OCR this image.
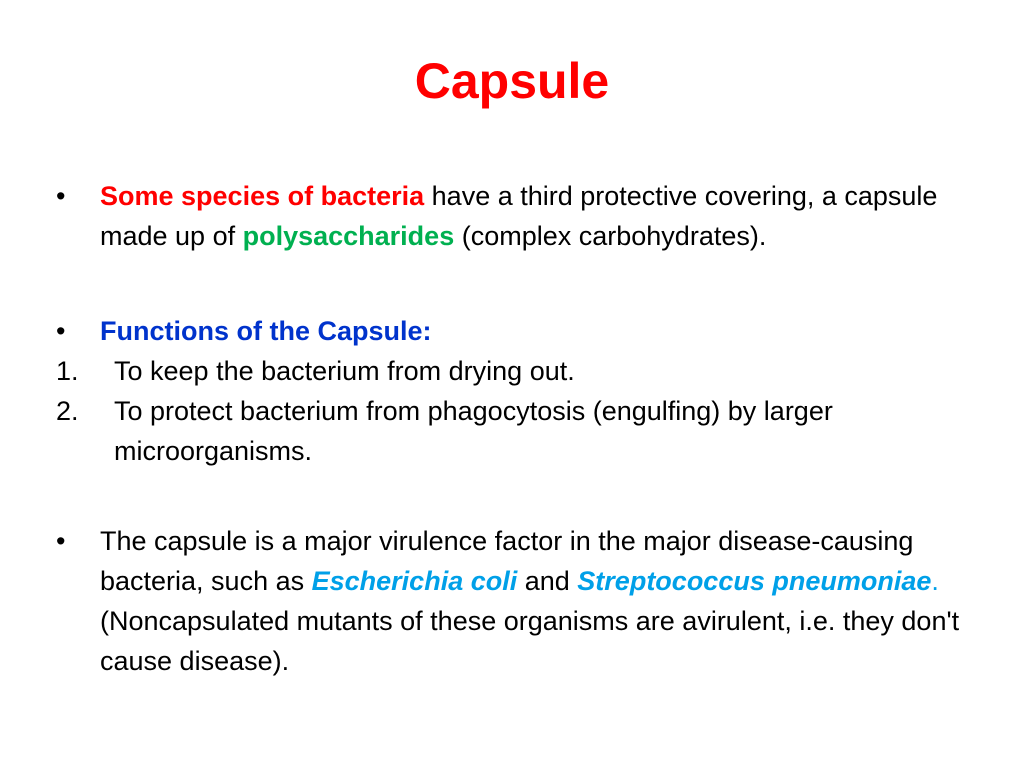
Capsule
• Some species of bacteria have a third protective covering, a capsule made up of polysaccharides (complex carbohydrates).
• Functions of the Capsule:
1. To keep the bacterium from drying out.
2. To protect bacterium from phagocytosis (engulfing) by larger microorganisms.
• The capsule is a major virulence factor in the major disease-causing bacteria, such as Escherichia coli and Streptococcus pneumoniae. (Noncapsulated mutants of these organisms are avirulent, i.e. they don't cause disease).
